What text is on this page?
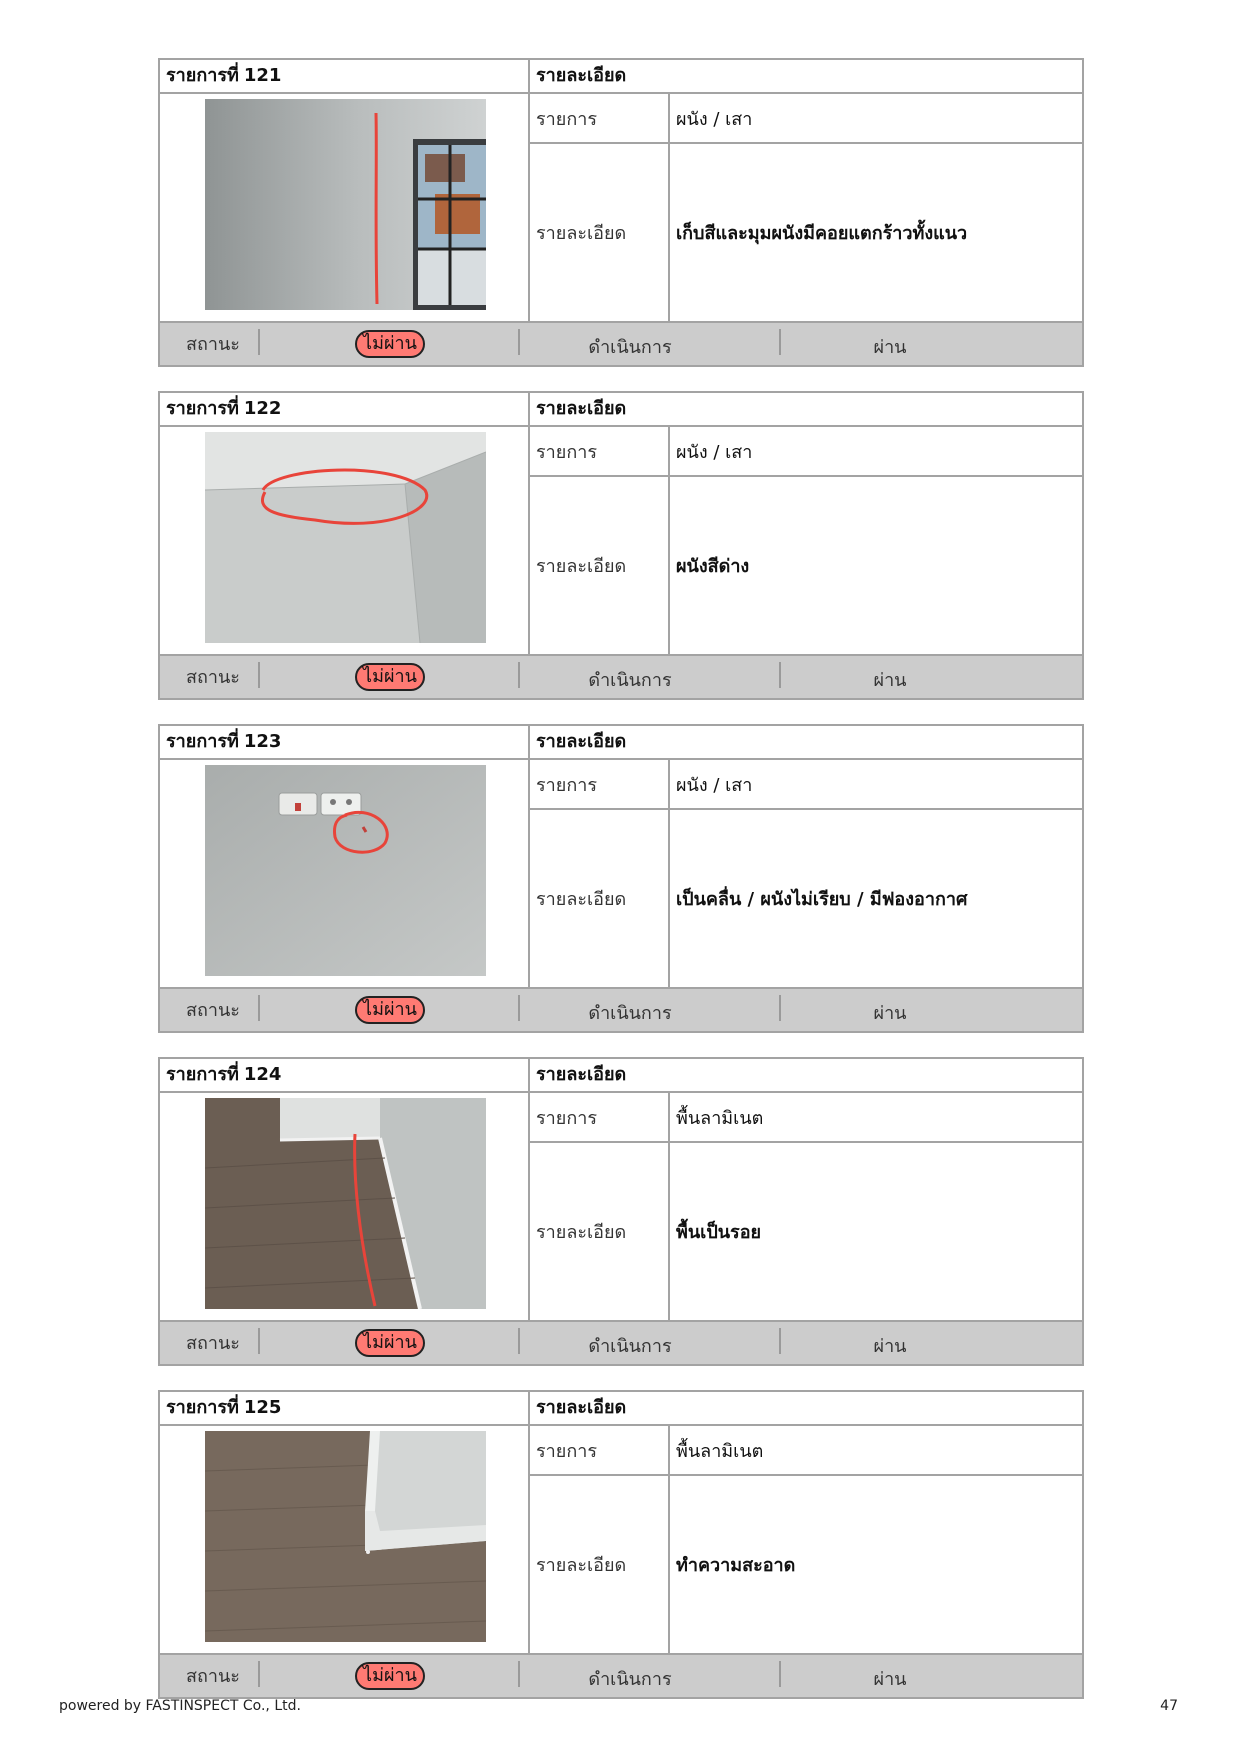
รายการที่ 121	รายละเอียด
รายการ	ผนัง / เสา
รายละเอียด	เก็บสีและมุมผนังมีคอยแตกร้าวทั้งแนว
สถานะ	ไม่ผ่าน	ดำเนินการ	ผ่าน
รายการที่ 122	รายละเอียด
รายการ	ผนัง / เสา
รายละเอียด	ผนังสีด่าง
สถานะ	ไม่ผ่าน	ดำเนินการ	ผ่าน
รายการที่ 123	รายละเอียด
รายการ	ผนัง / เสา
รายละเอียด	เป็นคลื่น / ผนังไม่เรียบ / มีฟองอากาศ
สถานะ	ไม่ผ่าน	ดำเนินการ	ผ่าน
รายการที่ 124	รายละเอียด
รายการ	พื้นลามิเนต
รายละเอียด	พื้นเป็นรอย
สถานะ	ไม่ผ่าน	ดำเนินการ	ผ่าน
รายการที่ 125	รายละเอียด
รายการ	พื้นลามิเนต
รายละเอียด	ทำความสะอาด
สถานะ	ไม่ผ่าน	ดำเนินการ	ผ่าน
powered by FASTINSPECT Co., Ltd.	47
